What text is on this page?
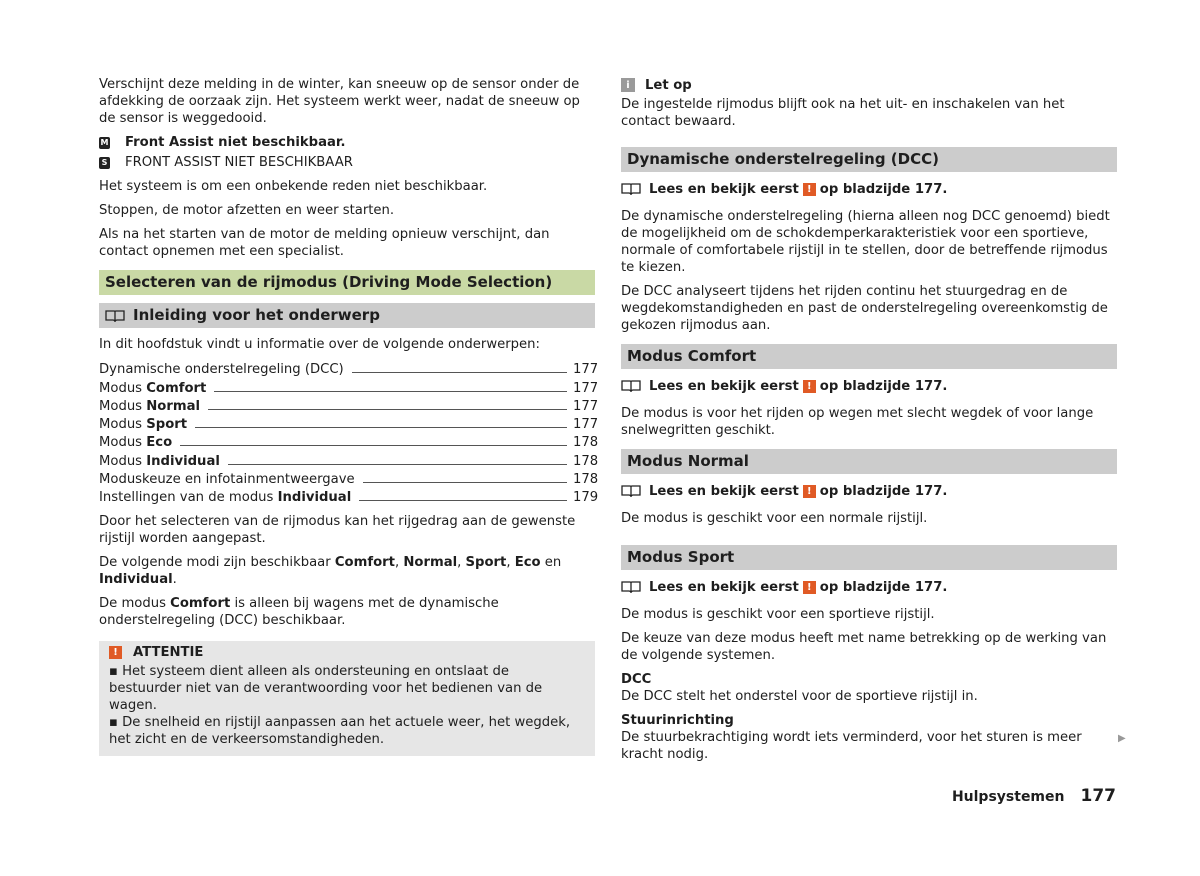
Verschijnt deze melding in de winter, kan sneeuw op de sensor onder de afdekking de oorzaak zijn. Het systeem werkt weer, nadat de sneeuw op de sensor is weggedooid.

M Front Assist niet beschikbaar.
S FRONT ASSIST NIET BESCHIKBAAR

Het systeem is om een onbekende reden niet beschikbaar.

Stoppen, de motor afzetten en weer starten.

Als na het starten van de motor de melding opnieuw verschijnt, dan contact opnemen met een specialist.

Selecteren van de rijmodus (Driving Mode Selection)
Inleiding voor het onderwerp

In dit hoofdstuk vindt u informatie over de volgende onderwerpen:

Dynamische onderstelregeling (DCC)	177
Modus Comfort	177
Modus Normal	177
Modus Sport	177
Modus Eco	178
Modus Individual	178
Moduskeuze en infotainmentweergave	178
Instellingen van de modus Individual	179

Door het selecteren van de rijmodus kan het rijgedrag aan de gewenste rijstijl worden aangepast.

De volgende modi zijn beschikbaar Comfort, Normal, Sport, Eco en Individual.

De modus Comfort is alleen bij wagens met de dynamische onderstelregeling (DCC) beschikbaar.

!	ATTENTIE

▪ Het systeem dient alleen als ondersteuning en ontslaat de bestuurder niet van de verantwoording voor het bedienen van de wagen.

▪ De snelheid en rijstijl aanpassen aan het actuele weer, het wegdek, het zicht en de verkeersomstandigheden.

i	Let op

De ingestelde rijmodus blijft ook na het uit- en inschakelen van het contact bewaard.

Dynamische onderstelregeling (DCC)
Lees en bekijk eerst ! op bladzijde 177.

De dynamische onderstelregeling (hierna alleen nog DCC genoemd) biedt de mogelijkheid om de schokdemperkarakteristiek voor een sportieve, normale of comfortabele rijstijl in te stellen, door de betreffende rijmodus te kiezen.

De DCC analyseert tijdens het rijden continu het stuurgedrag en de wegdekomstandigheden en past de onderstelregeling overeenkomstig de gekozen rijmodus aan.

Modus Comfort
Lees en bekijk eerst ! op bladzijde 177.

De modus is voor het rijden op wegen met slecht wegdek of voor lange snelwegritten geschikt.

Modus Normal
Lees en bekijk eerst ! op bladzijde 177.

De modus is geschikt voor een normale rijstijl.

Modus Sport
Lees en bekijk eerst ! op bladzijde 177.

De modus is geschikt voor een sportieve rijstijl.

De keuze van deze modus heeft met name betrekking op de werking van de volgende systemen.

DCC

De DCC stelt het onderstel voor de sportieve rijstijl in.

Stuurinrichting

De stuurbekrachtiging wordt iets verminderd, voor het sturen is meer kracht nodig.

▶
Hulpsystemen 177
